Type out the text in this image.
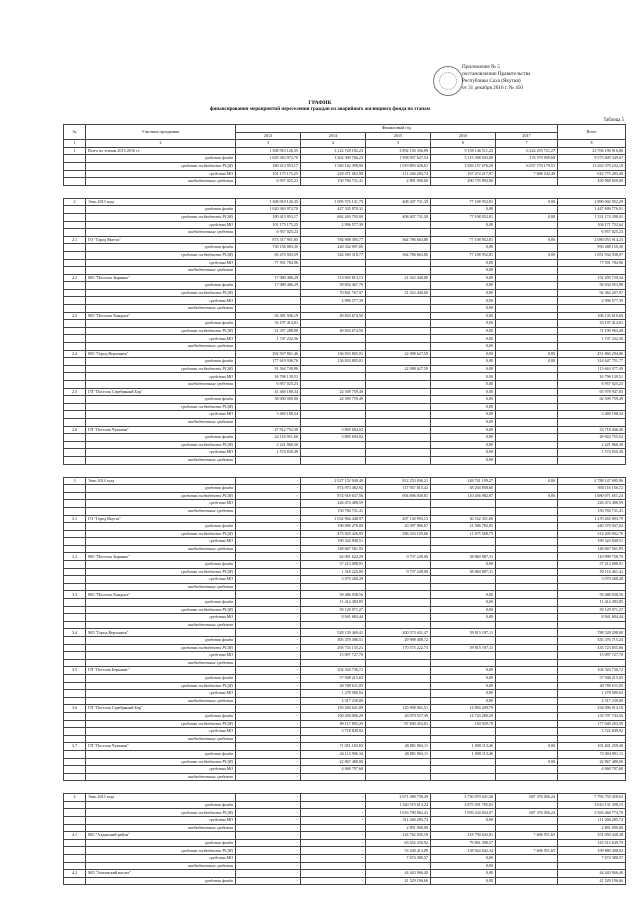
Приложение № 5
постановлению Правительства
Республики Саха (Якутия)
от 31 декабря 2016 г. № 450
ГРАФИК
финансирования мероприятий переселения граждан из аварийного жилищного фонда по этапам
Таблица 5
№	Участник программы	Финансовый год					Всего
		2013	2014	2015	2016	2017	
1	2	3	4	5	6	7	8
1	Всего по этапам 2013-2016 гг.	1 308 910 126,35	3 122 728 182,23	3 892 150 336,09	9 158 146 511,22	6 224 255 721,27	23 706 190 916,86
	средства фонда	1 020 363 972,70	1 302 309 766,23	1 958 957 627,54	5 115 398 943,00	176 579 000,68	9 575 609 349,67
	средства госбюджета РС(Я)	180 413 953,17	1 540 162 398,90	1 919 893 626,61	3 583 157 676,29	6 037 770 179,51	13 263 379 232,18
	средства МО	101 175 175,25	229 471 063,98	111 246 283,74	167 274 217,97	7 606 542,46	616 775 283,40
	внебюджетные средства	6 957 025,23	150 784 731,41	2 891 000,00	290 735 893,86		450 968 650,00

2	Этап 2013 года	1 308 910 126,35	1 095 576 141,79	408 407 731,39	77 108 952,81	0,00	2 890 002 952,29
	средства фонда	1 020 363 972,70	427 335 878,31		0,00		1 447 699 776,01
	средства госбюджета РС(Я)	180 413 953,17	662 263 703,00	408 407 731,39	77 108 952,81	0,00	1 331 174 298,41
	средства МО	101 175 175,25	2 996 577,39		0,00		104 171 752,64
	внебюджетные средства	6 957 025,23					6 957 025,23
2.1	ГО "Город Якутск"	873 317 901,85	784 908 395,77	364 786 663,80	77 108 952,81	0,00	2 080 053 914,23
	средства фонда	730 156 083,30	220 332 097,00		0,00		950 488 150,30
	средства госбюджета РС(Я)	65 470 003,59	544 569 318,77	364 786 663,80	77 108 952,81	0,00	1 051 934 938,97
	средства МО	77 591 784,96			0,00		77 591 784,96
	внебюджетные средства				0,00		
2.2	МО "Поселок Зырянка"	17 080 486,29	113 692 813,15	21 522 440,00	0,00		152 295 739,34
	средства фонда	17 080 486,29	39 854 467,79		0,00		56 934 953,98
	средства госбюджета РС(Я)		70 841 767,97	21 522 440,00	0,00		92 364 207,97
	средства МО		2 996 577,39		0,00		2 996 577,39
	внебюджетные средства				0,00		
2.3	МО "Поселок Хандыга"	56 301 936,19	49 833 674,50		0,00		106 135 610,69
	средства фонда	33 197 414,81			0,00		33 197 414,81
	средства госбюджета РС(Я)	21 357 288,98	49 833 674,50		0,00		71 190 963,48
	средства МО	1 747 232,36			0,00		1 747 232,36
	внебюджетные средства				0,00		
2.4	МО "Город Верхоянск"	292 937 861,46	136 833 805,01	22 098 627,59	0,00	0,00	451 860 294,06
	средства фонда	177 619 946,76	136 833 805,01		0,00	0,00	314 647 751,77
	средства госбюджета РС(Я)	91 564 749,90		22 098 627,59	0,00		113 663 377,49
	средства МО	16 796 139,51			0,00		16 796 139,51
	внебюджетные средства	6 957 025,23			0,00		6 957 025,23
2.5	ГП "Поселок Серебряный Бор"	41 469 188,34	24 509 759,49		0,00		65 978 947,83
	средства фонда	38 000 000,00	24 509 759,49		0,00		62 509 759,49
	средства госбюджета РС(Я)				0,00		
	средства МО	3 469 188,34			0,00		3 469 188,34
	внебюджетные средства				0,00		
2.6	ГП "Поселок Чульман"	27 912 752,38	5 805 694,02		0,00		33 718 446,40
	средства фонда	24 116 951,60	5 805 694,02		0,00		29 922 755,52
	средства госбюджета РС(Я)	2 221 860,30			0,00		2 221 860,30
	средства МО	1 574 830,48			0,00		1 574 830,48
	внебюджетные средства				0,00		

3	Этап 2014 года	-	2 027 152 040,40	812 253 846,21	148 741 109,27	0,00	2 788 147 085,96
	средства фонда	-	874 973 482,92	117 957 815,42	38 204 858,60		930 116 156,72
	средства госбюджета РС(Я)	-	874 918 637,56	694 696 030,81	110 456 982,87	0,00	1 680 071 651,24
	средства МО	-	226 474 488,59				226 474 488,59
	внебюджетные средства	-	150 784 731,41				150 784 731,41
3.1	ГО "Город Якутск"	-	1 032 964 448,97	207 130 993,13	30 162 351,60		1 270 265 093,79
	средства фонда	-	196 096 278,00	20 397 886,67	21 586 782,85		240 370 947,02
	средства госбюджета РС(Я)	-	475 925 426,95	286 333 105,66	11 675 568,75		314 205 002,76
	средства МО	-	190 324 840,51				190 324 840,51
	внебюджетные средства	-	148 667 561,95				148 667 561,95
3.2	МО "Поселок Зырянка"	-	62 081 622,29	9 737 249,00	38 860 887,31		110 999 758,70
	средства фонда	-	57 213 088,91		0,00		57 213 088,91
	средства госбюджета РС(Я)	-	1 318 225,00	9 737 249,00	38 860 887,31		50 116 461,41
	средства МО	-	3 070 268,28				3 070 268,28
	внебюджетные средства	-					
3.3	МО "Поселок Хандыга"	-	59 486 038,56		0,00		59 486 038,56
	средства фонда	-	11 414 383,85		0,00		11 414 383,85
	средства госбюджета РС(Я)	-	39 129 971,27		0,00		39 129 971,27
	средства МО	-	8 941 684,44		0,00		8 941 684,44
	внебюджетные средства	-					
3.4	МО "Город Верхоянск"	-	528 139 469,41	200 573 631,47	59 815 197,11		788 528 298,00
	средства фонда	-	305 378 306,51	29 998 408,72			335 376 715,24
	средства госбюджета РС(Я)	-	205 733 135,21	170 575 222,74	59 815 197,11		435 723 855,06
	средства МО	-	15 097 727,70				15 097 727,70
	внебюджетные средства	-					
3.5	ГП "Поселок Беркакит"	-	102 324 736,72		0,00		102 324 736,72
	средства фонда	-	57 948 215,65		0,00		57 948 215,65
	средства госбюджета РС(Я)	-	40 780 611,05		0,00		40 780 611,05
	средства МО	-	1 278 580,04		0,00		1 278 580,04
	внебюджетные средства	-	2 317 230,00		0,00		2 317 230,00
3.6	ГП "Поселок Серебряный Бор"	-	193 294 641,89	125 908 061,51	14 894 209,79		334 096 913,18
	средства фонда	-	100 458 006,28	26 079 557,49	14 743 280,29		133 707 743,56
	средства госбюджета РС(Я)	-	89 117 805,29	87 830 454,01	150 929,70		177 049 203,59
	средства МО	-	3 718 849,92				3 722 849,92
	внебюджетные средства	-					
3.7	ГП "Поселок Чульман"	-	71 051 182,83	28 881 963,11	1 908 113,46	0,00	101 841 259,40
	средства фонда	-	44 114 906,34	28 881 963,11	1 908 113,46		74 904 891,11
	средства госбюджета РС(Я)	-	22 867 480,00			0,00	22 867 480,00
	средства МО	-	4 068 797,60				4 068 797,60
	внебюджетные средства	-					

4	Этап 2015 года	-	-	2 671 488 758,49	5 730 070 641,30	687 376 056,24	7 793 755 458,63
	средства фонда	-	-	1 340 519 613,24	2 875 591 785,81		3 616 131 398,15
	средства госбюджета РС(Я)	-	-	1 016 790 862,41	1 959 234 834,07	687 376 056,24	3 563 466 774,70
	средства МО	-	-	311 266 285,74	0,00		111 266 285,74
	внебюджетные средства	-	-	2 891 000,00			2 891 000,00
4.1	МО "Алданский район"	-	-	124 762 045,18	218 790 043,81	7 606 951,65	351 059 430,38
	средства фонда	-	-	63 652 250,92	79 861 398,57		143 513 649,79
	средства госбюджета РС(Я)	-	-	53 430 413,09	138 924 042,34	7 606 951,65	199 880 408,02
	средства МО	-	-	7 674 380,57	0,00		7 674 380,57
	внебюджетные средства	-	-		0,00		
4.2	МО "Амгинский наслег"	-	-	44 443 966,40	0,00		44 443 966,40
	средства фонда	-	-	41 529 196,66	0,00		41 529 196,66
